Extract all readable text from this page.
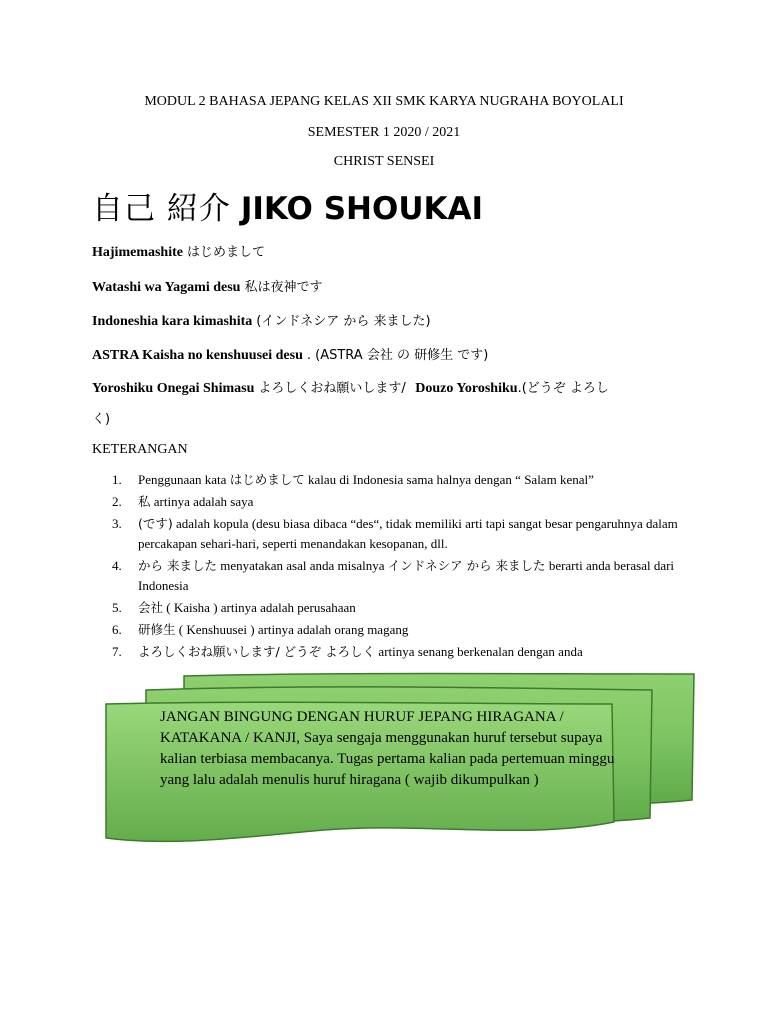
MODUL 2 BAHASA JEPANG KELAS XII SMK KARYA NUGRAHA BOYOLALI
SEMESTER 1 2020 / 2021
CHRIST SENSEI
自己 紹介 JIKO SHOUKAI
Hajimemashite はじめまして
Watashi wa Yagami desu 私は夜神です
Indoneshia kara kimashita (インドネシア から 来ました)
ASTRA Kaisha no kenshuusei desu . (ASTRA 会社 の 研修生 です)
Yoroshiku Onegai Shimasu よろしくおね願いします/ Douzo Yoroshiku.(どうぞ よろし
く)
KETERANGAN
1. Penggunaan kata はじめまして kalau di Indonesia sama halnya dengan “ Salam kenal”
2. 私 artinya adalah saya
3. (です) adalah kopula (desu biasa dibaca “des“, tidak memiliki arti tapi sangat besar pengaruhnya dalam percakapan sehari-hari, seperti menandakan kesopanan, dll.
4. から 来ました menyatakan asal anda misalnya インドネシア から 来ました berarti anda berasal dari Indonesia
5. 会社 ( Kaisha ) artinya adalah perusahaan
6. 研修生 ( Kenshuusei ) artinya adalah orang magang
7. よろしくおね願いします/ どうぞ よろしく artinya senang berkenalan dengan anda
JANGAN BINGUNG DENGAN HURUF JEPANG HIRAGANA / KATAKANA / KANJI, Saya sengaja menggunakan huruf tersebut supaya kalian terbiasa membacanya. Tugas pertama kalian pada pertemuan minggu yang lalu adalah menulis huruf hiragana ( wajib dikumpulkan )
